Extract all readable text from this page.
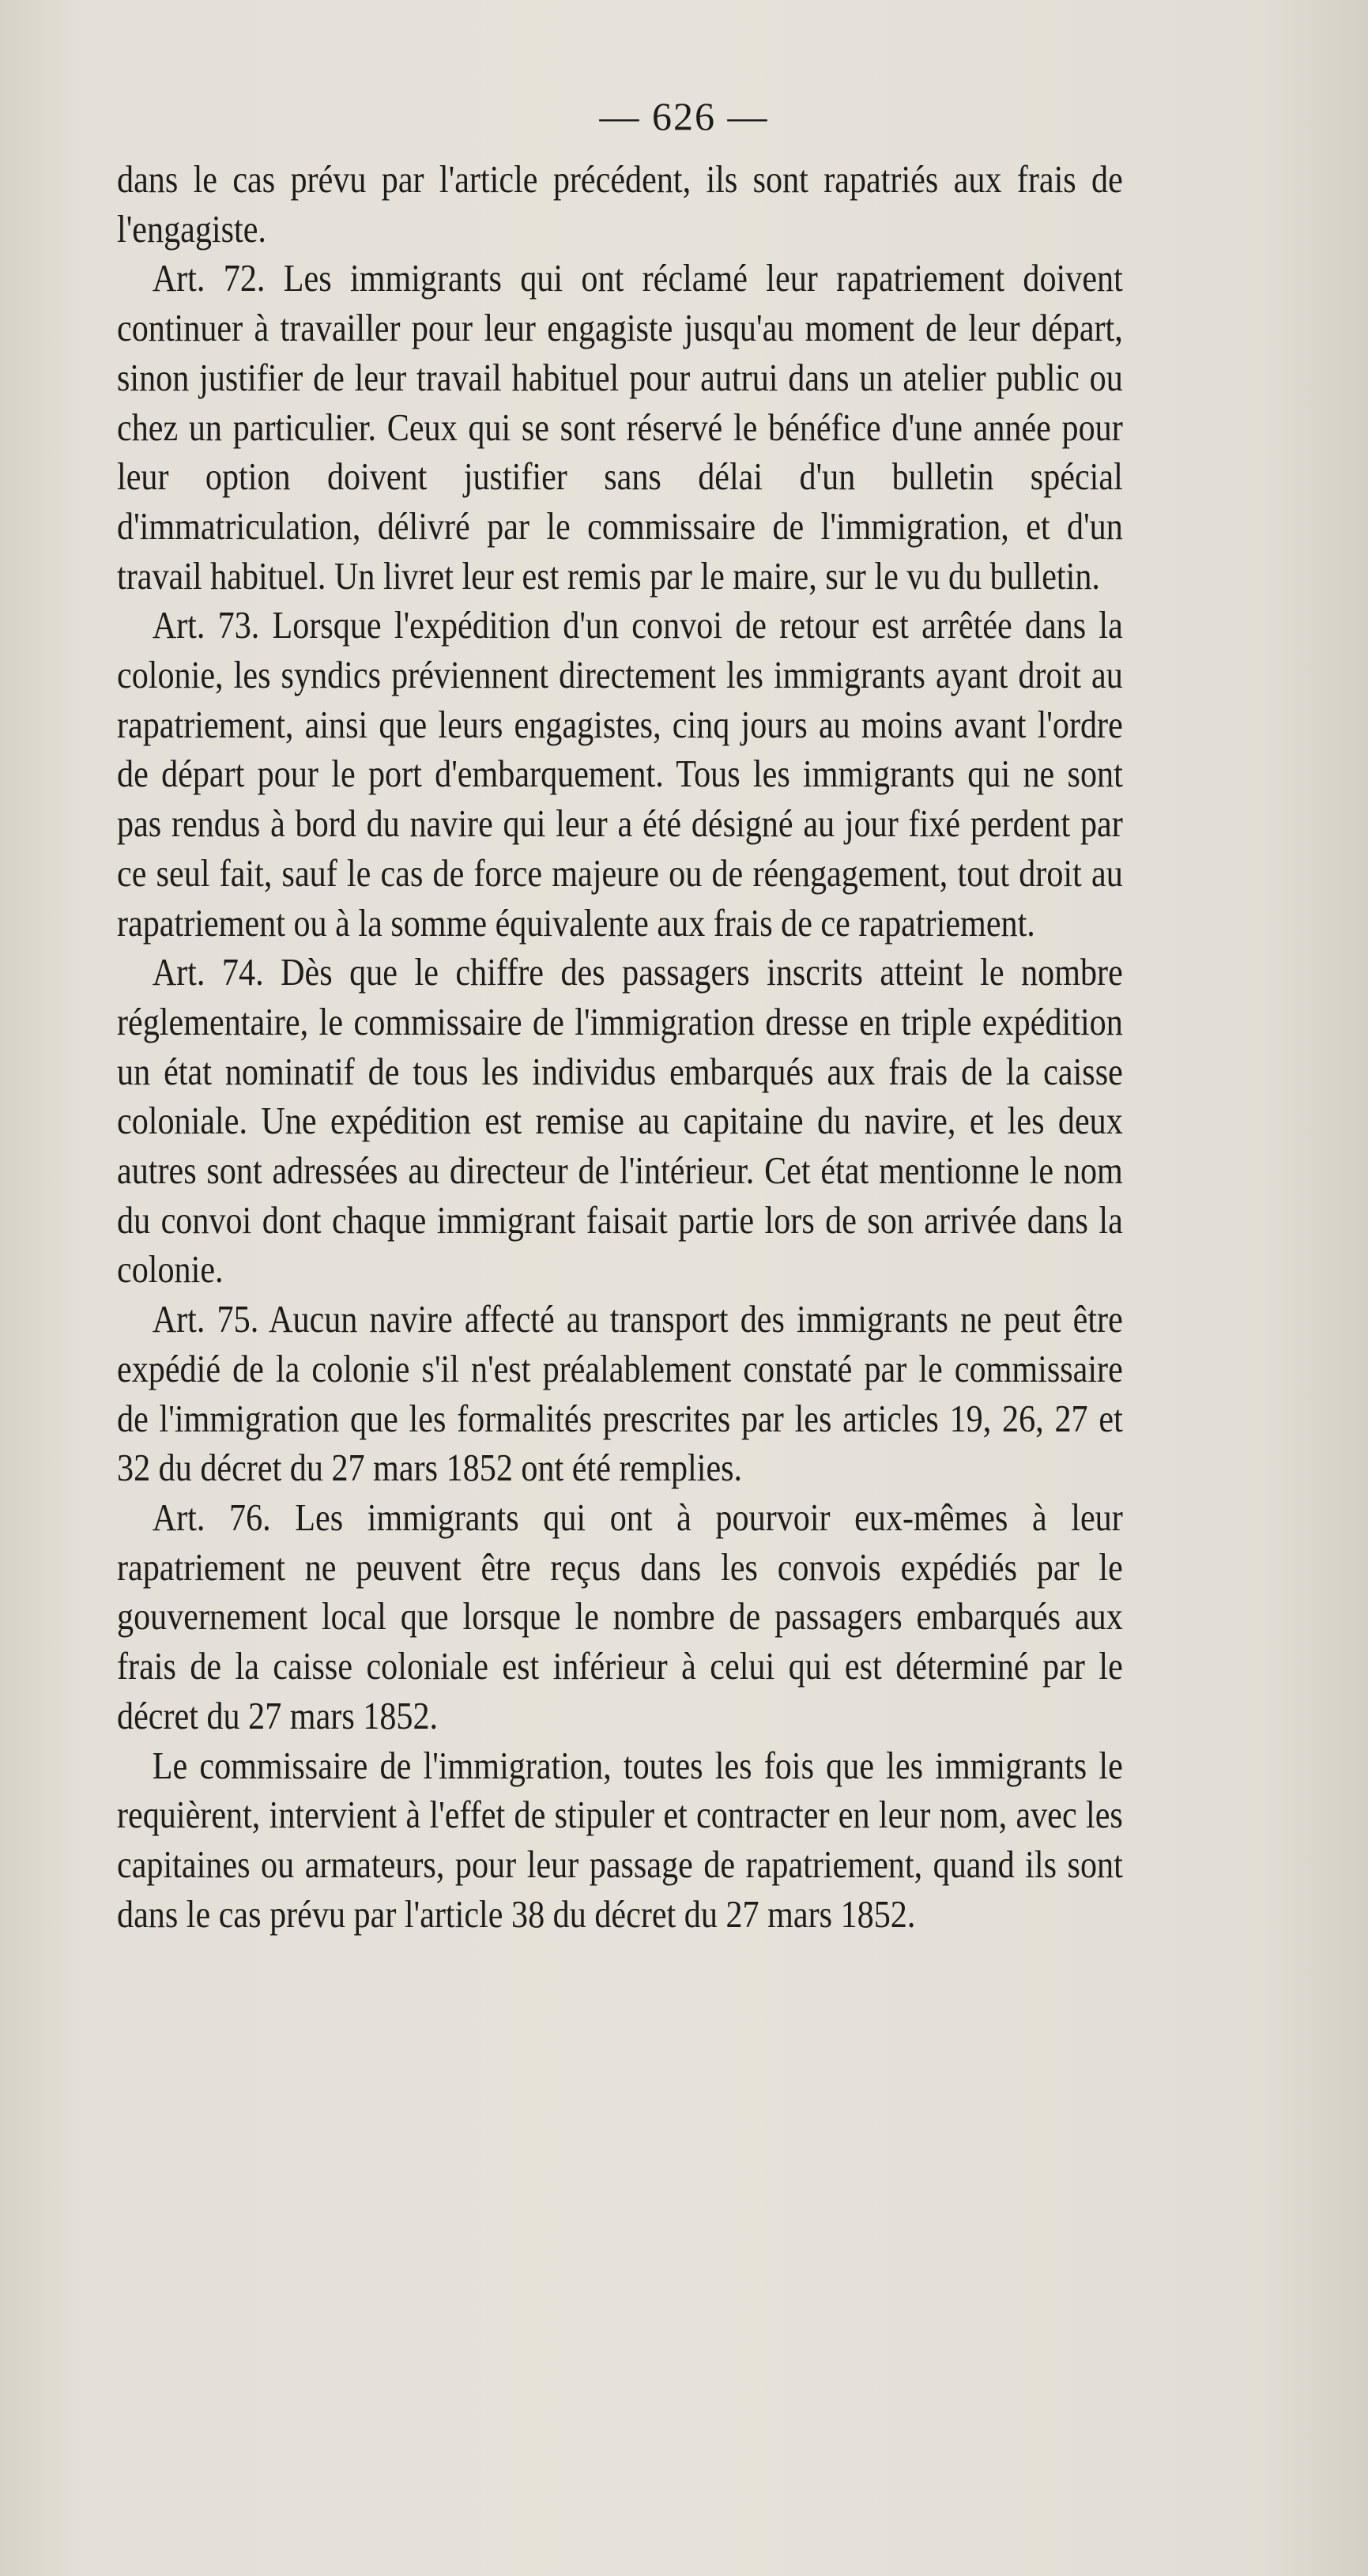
— 626 —

dans le cas prévu par l'article précédent, ils sont rapatriés aux frais de l'engagiste.

Art. 72. Les immigrants qui ont réclamé leur rapatriement doivent continuer à travailler pour leur engagiste jusqu'au moment de leur départ, sinon justifier de leur travail habituel pour autrui dans un atelier public ou chez un particulier. Ceux qui se sont réservé le bénéfice d'une année pour leur option doivent justifier sans délai d'un bulletin spécial d'immatriculation, délivré par le commissaire de l'immigration, et d'un travail habituel. Un livret leur est remis par le maire, sur le vu du bulletin.

Art. 73. Lorsque l'expédition d'un convoi de retour est arrêtée dans la colonie, les syndics préviennent directement les immigrants ayant droit au rapatriement, ainsi que leurs engagistes, cinq jours au moins avant l'ordre de départ pour le port d'embarquement. Tous les immigrants qui ne sont pas rendus à bord du navire qui leur a été désigné au jour fixé perdent par ce seul fait, sauf le cas de force majeure ou de réengagement, tout droit au rapatriement ou à la somme équivalente aux frais de ce rapatriement.

Art. 74. Dès que le chiffre des passagers inscrits atteint le nombre réglementaire, le commissaire de l'immigration dresse en triple expédition un état nominatif de tous les individus embarqués aux frais de la caisse coloniale. Une expédition est remise au capitaine du navire, et les deux autres sont adressées au directeur de l'intérieur. Cet état mentionne le nom du convoi dont chaque immigrant faisait partie lors de son arrivée dans la colonie.

Art. 75. Aucun navire affecté au transport des immigrants ne peut être expédié de la colonie s'il n'est préalablement constaté par le commissaire de l'immigration que les formalités prescrites par les articles 19, 26, 27 et 32 du décret du 27 mars 1852 ont été remplies.

Art. 76. Les immigrants qui ont à pourvoir eux-mêmes à leur rapatriement ne peuvent être reçus dans les convois expédiés par le gouvernement local que lorsque le nombre de passagers embarqués aux frais de la caisse coloniale est inférieur à celui qui est déterminé par le décret du 27 mars 1852.

Le commissaire de l'immigration, toutes les fois que les immigrants le requièrent, intervient à l'effet de stipuler et contracter en leur nom, avec les capitaines ou armateurs, pour leur passage de rapatriement, quand ils sont dans le cas prévu par l'article 38 du décret du 27 mars 1852.
